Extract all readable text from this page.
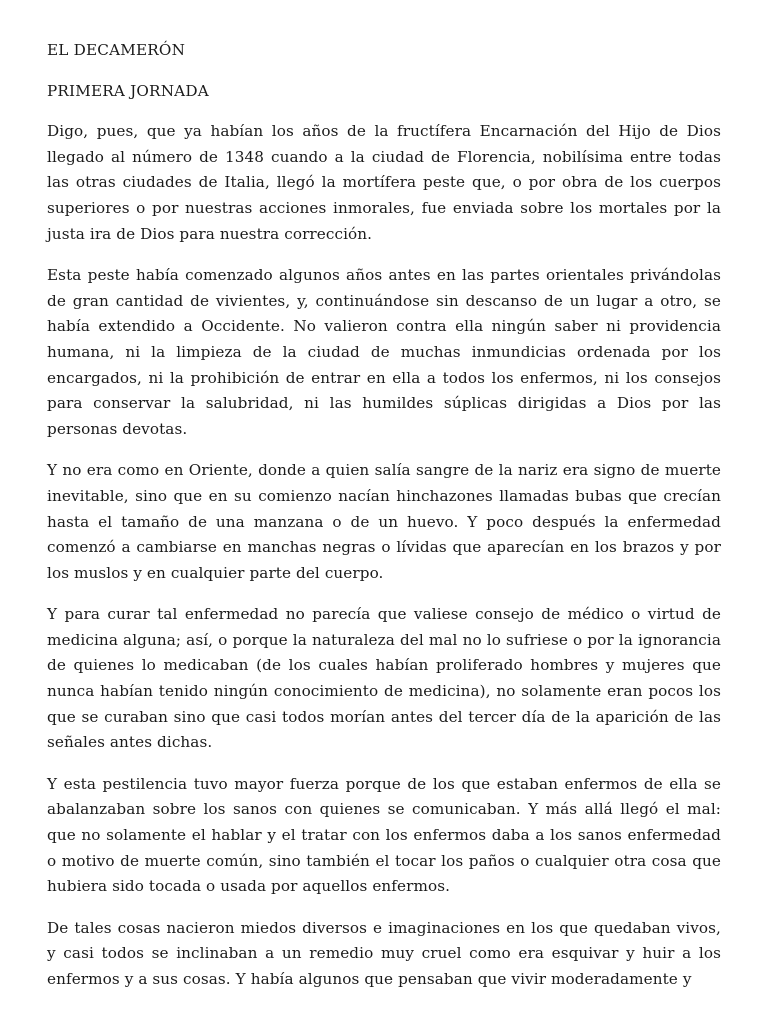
EL DECAMERÓN

PRIMERA JORNADA

Digo, pues, que ya habían los años de la fructífera Encarnación del Hijo de Dios llegado al número de 1348 cuando a la ciudad de Florencia, nobilísima entre todas las otras ciudades de Italia, llegó la mortífera peste que, o por obra de los cuerpos superiores o por nuestras acciones inmorales, fue enviada sobre los mortales por la justa ira de Dios para nuestra corrección.

Esta peste había comenzado algunos años antes en las partes orientales privándolas de gran cantidad de vivientes, y, continuándose sin descanso de un lugar a otro, se había extendido a Occidente. No valieron contra ella ningún saber ni providencia humana, ni la limpieza de la ciudad de muchas inmundicias ordenada por los encargados, ni la prohibición de entrar en ella a todos los enfermos, ni los consejos para conservar la salubridad, ni las humildes súplicas dirigidas a Dios por las personas devotas.

Y no era como en Oriente, donde a quien salía sangre de la nariz era signo de muerte inevitable, sino que en su comienzo nacían hinchazones llamadas bubas que crecían hasta el tamaño de una manzana o de un huevo. Y poco después la enfermedad comenzó a cambiarse en manchas negras o lívidas que aparecían en los brazos y por los muslos y en cualquier parte del cuerpo.

Y para curar tal enfermedad no parecía que valiese consejo de médico o virtud de medicina alguna; así, o porque la naturaleza del mal no lo sufriese o por la ignorancia de quienes lo medicaban (de los cuales habían proliferado hombres y mujeres que nunca habían tenido ningún conocimiento de medicina), no solamente eran pocos los que se curaban sino que casi todos morían antes del tercer día de la aparición de las señales antes dichas.

Y esta pestilencia tuvo mayor fuerza porque de los que estaban enfermos de ella se abalanzaban sobre los sanos con quienes se comunicaban. Y más allá llegó el mal: que no solamente el hablar y el tratar con los enfermos daba a los sanos enfermedad o motivo de muerte común, sino también el tocar los paños o cualquier otra cosa que hubiera sido tocada o usada por aquellos enfermos.

De tales cosas nacieron miedos diversos e imaginaciones en los que quedaban vivos, y casi todos se inclinaban a un remedio muy cruel como era esquivar y huir a los enfermos y a sus cosas. Y había algunos que pensaban que vivir moderadamente y
